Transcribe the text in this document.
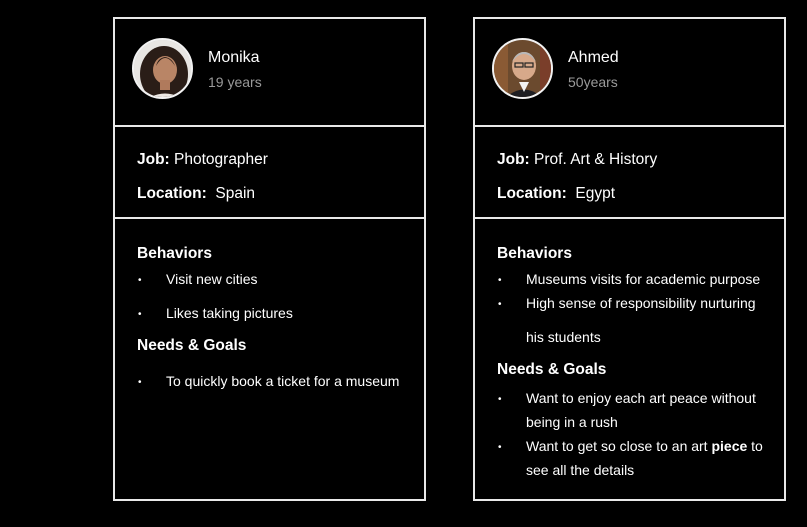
Monika
19 years
Job: Photographer
Location:  Spain
Behaviors
• Visit new cities
• Likes taking pictures
Needs & Goals
• To quickly book a ticket for a museum
Ahmed
50years
Job: Prof. Art & History
Location:  Egypt
Behaviors
• Museums visits for academic purpose
• High sense of responsibility nurturing
his students
Needs & Goals
• Want to enjoy each art peace without
being in a rush
• Want to get so close to an art piece to
see all the details
